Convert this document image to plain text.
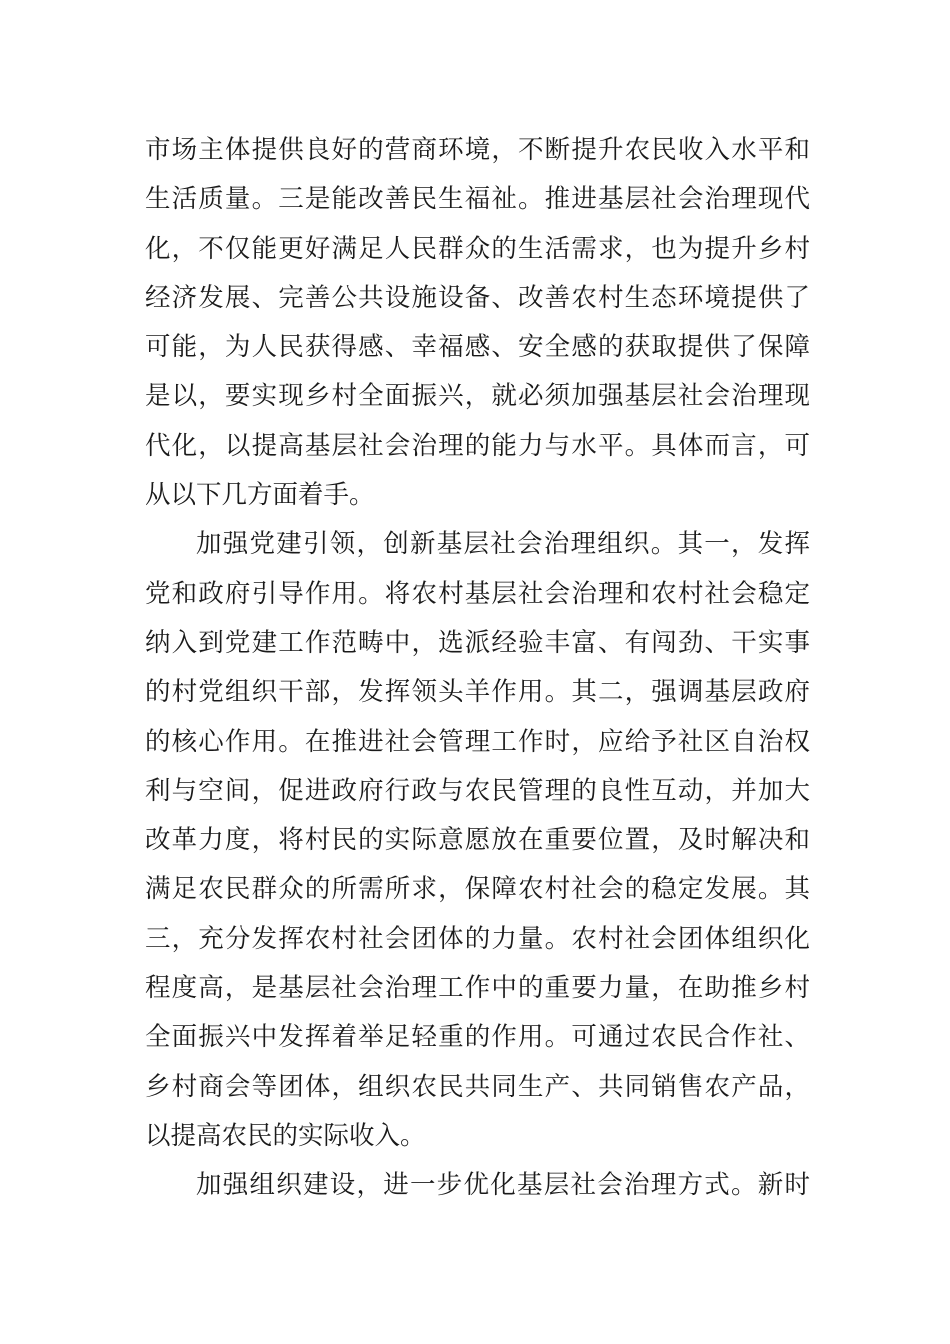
市场主体提供良好的营商环境，不断提升农民收入水平和
生活质量。三是能改善民生福祉。推进基层社会治理现代
化，不仅能更好满足人民群众的生活需求，也为提升乡村
经济发展、完善公共设施设备、改善农村生态环境提供了
可能，为人民获得感、幸福感、安全感的获取提供了保障
是以，要实现乡村全面振兴，就必须加强基层社会治理现
代化，以提高基层社会治理的能力与水平。具体而言，可
从以下几方面着手。
加强党建引领，创新基层社会治理组织。其一，发挥
党和政府引导作用。将农村基层社会治理和农村社会稳定
纳入到党建工作范畴中，选派经验丰富、有闯劲、干实事
的村党组织干部，发挥领头羊作用。其二，强调基层政府
的核心作用。在推进社会管理工作时，应给予社区自治权
利与空间，促进政府行政与农民管理的良性互动，并加大
改革力度，将村民的实际意愿放在重要位置，及时解决和
满足农民群众的所需所求，保障农村社会的稳定发展。其
三，充分发挥农村社会团体的力量。农村社会团体组织化
程度高，是基层社会治理工作中的重要力量，在助推乡村
全面振兴中发挥着举足轻重的作用。可通过农民合作社、
乡村商会等团体，组织农民共同生产、共同销售农产品，
以提高农民的实际收入。
加强组织建设，进一步优化基层社会治理方式。新时
